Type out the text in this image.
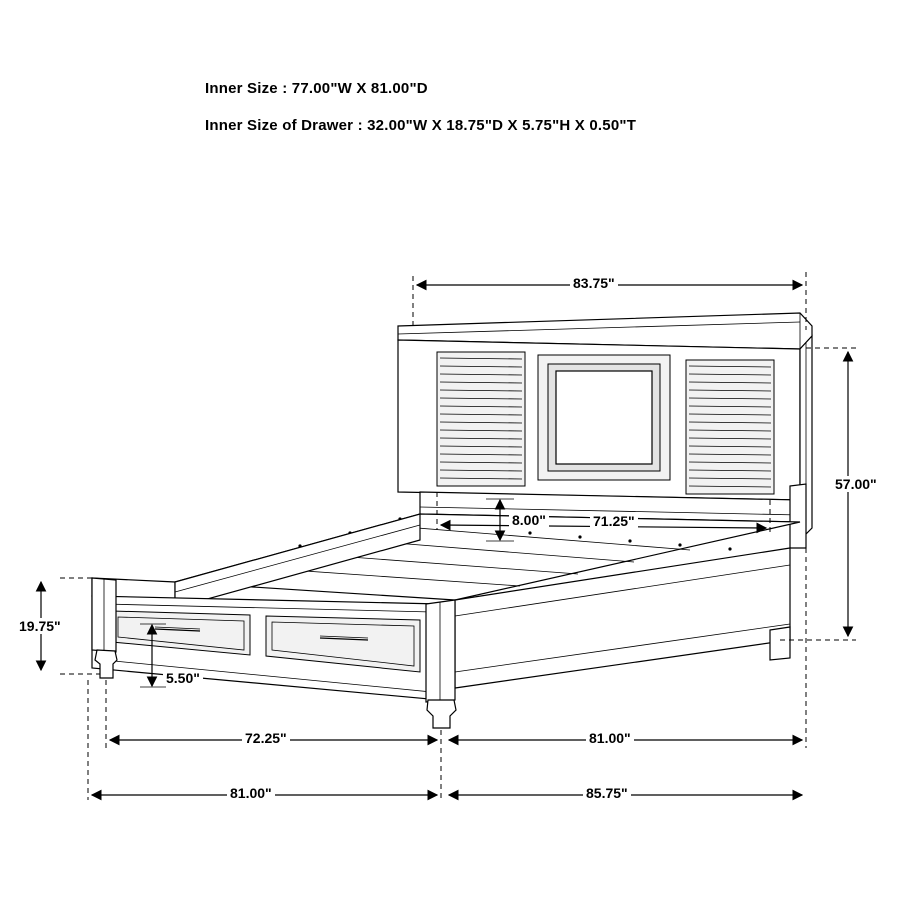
Inner Size : 77.00"W X 81.00"D
Inner Size of Drawer : 32.00"W X 18.75"D X 5.75"H X 0.50"T
83.75"
57.00"
71.25"
8.00"
19.75"
5.50"
72.25"	81.00"
81.00"	85.75"
